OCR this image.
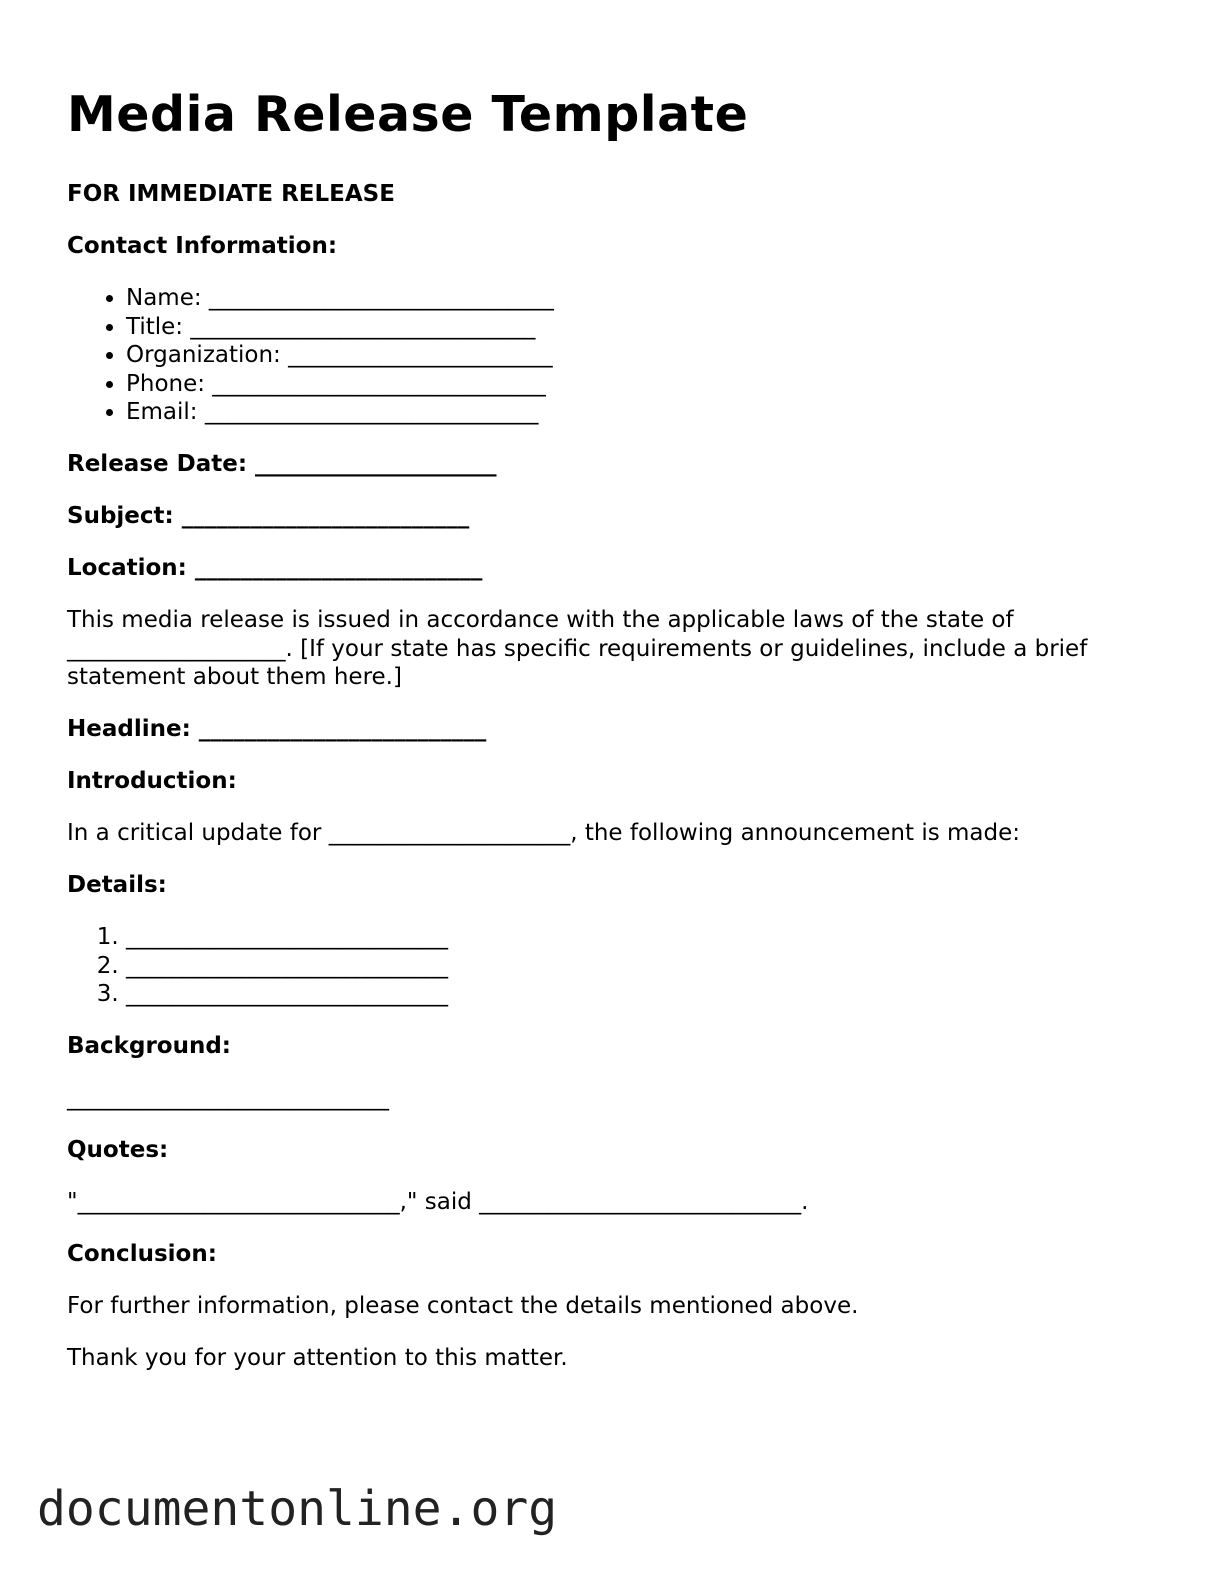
Media Release Template

FOR IMMEDIATE RELEASE

Contact Information:

• Name: ______________________________
• Title: ______________________________
• Organization: _______________________
• Phone: _____________________________
• Email: _____________________________

Release Date: _____________________

Subject: _________________________

Location: _________________________

This media release is issued in accordance with the applicable laws of the state of ___________________. [If your state has specific requirements or guidelines, include a brief statement about them here.]

Headline: _________________________

Introduction:

In a critical update for _____________________, the following announcement is made:

Details:

1. ____________________________
2. ____________________________
3. ____________________________

Background:

____________________________

Quotes:

"____________________________," said ____________________________.

Conclusion:

For further information, please contact the details mentioned above.

Thank you for your attention to this matter.

documentonline.org
